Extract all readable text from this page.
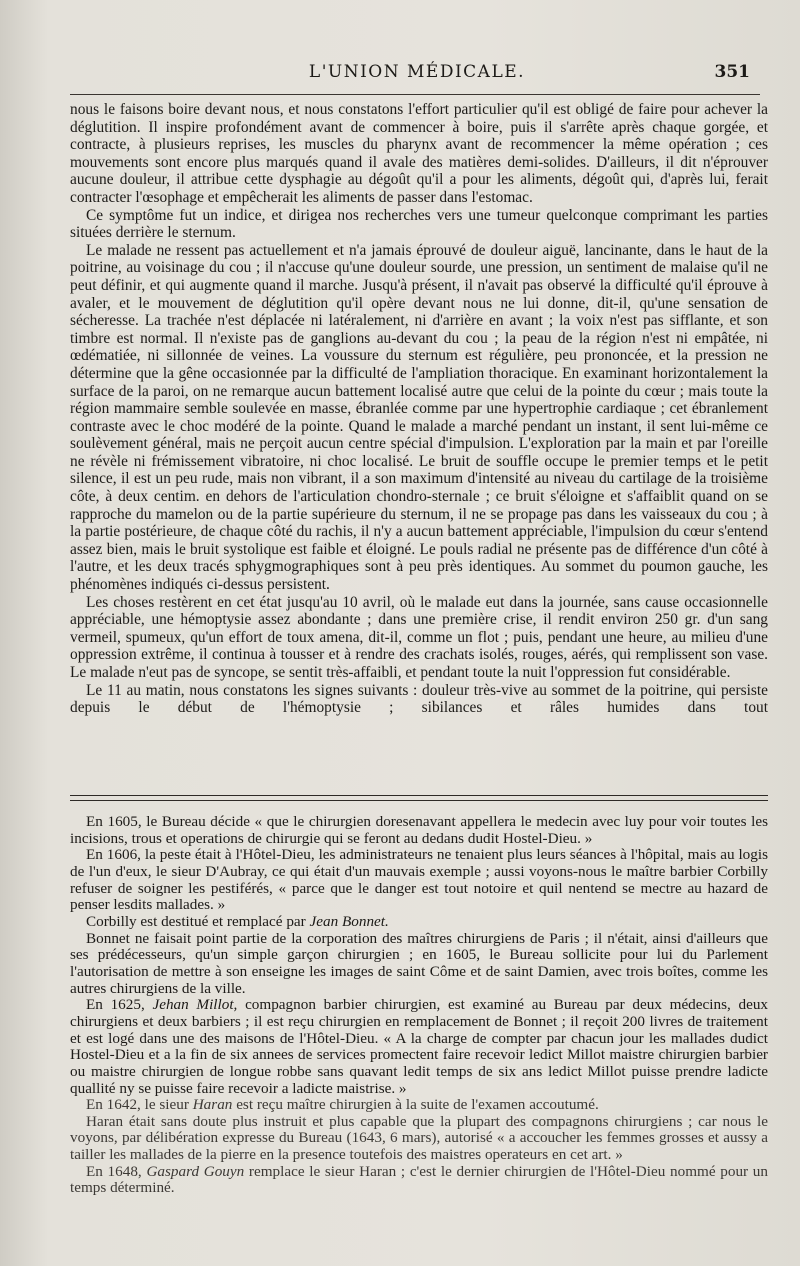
L'UNION MÉDICALE.	351

nous le faisons boire devant nous, et nous constatons l'effort particulier qu'il est obligé de faire pour achever la déglutition. Il inspire profondément avant de commencer à boire, puis il s'arrête après chaque gorgée, et contracte, à plusieurs reprises, les muscles du pharynx avant de recommencer la même opération ; ces mouvements sont encore plus marqués quand il avale des matières demi-solides. D'ailleurs, il dit n'éprouver aucune douleur, il attribue cette dysphagie au dégoût qu'il a pour les aliments, dégoût qui, d'après lui, ferait contracter l'œsophage et empêcherait les aliments de passer dans l'estomac.

Ce symptôme fut un indice, et dirigea nos recherches vers une tumeur quelconque comprimant les parties situées derrière le sternum.

Le malade ne ressent pas actuellement et n'a jamais éprouvé de douleur aiguë, lancinante, dans le haut de la poitrine, au voisinage du cou ; il n'accuse qu'une douleur sourde, une pression, un sentiment de malaise qu'il ne peut définir, et qui augmente quand il marche. Jusqu'à présent, il n'avait pas observé la difficulté qu'il éprouve à avaler, et le mouvement de déglutition qu'il opère devant nous ne lui donne, dit-il, qu'une sensation de sécheresse. La trachée n'est déplacée ni latéralement, ni d'arrière en avant ; la voix n'est pas sifflante, et son timbre est normal. Il n'existe pas de ganglions au-devant du cou ; la peau de la région n'est ni empâtée, ni œdématiée, ni sillonnée de veines. La voussure du sternum est régulière, peu prononcée, et la pression ne détermine que la gêne occasionnée par la difficulté de l'ampliation thoracique. En examinant horizontalement la surface de la paroi, on ne remarque aucun battement localisé autre que celui de la pointe du cœur ; mais toute la région mammaire semble soulevée en masse, ébranlée comme par une hypertrophie cardiaque ; cet ébranlement contraste avec le choc modéré de la pointe. Quand le malade a marché pendant un instant, il sent lui-même ce soulèvement général, mais ne perçoit aucun centre spécial d'impulsion. L'exploration par la main et par l'oreille ne révèle ni frémissement vibratoire, ni choc localisé. Le bruit de souffle occupe le premier temps et le petit silence, il est un peu rude, mais non vibrant, il a son maximum d'intensité au niveau du cartilage de la troisième côte, à deux centim. en dehors de l'articulation chondro-sternale ; ce bruit s'éloigne et s'affaiblit quand on se rapproche du mamelon ou de la partie supérieure du sternum, il ne se propage pas dans les vaisseaux du cou ; à la partie postérieure, de chaque côté du rachis, il n'y a aucun battement appréciable, l'impulsion du cœur s'entend assez bien, mais le bruit systolique est faible et éloigné. Le pouls radial ne présente pas de différence d'un côté à l'autre, et les deux tracés sphygmographiques sont à peu près identiques. Au sommet du poumon gauche, les phénomènes indiqués ci-dessus persistent.

Les choses restèrent en cet état jusqu'au 10 avril, où le malade eut dans la journée, sans cause occasionnelle appréciable, une hémoptysie assez abondante ; dans une première crise, il rendit environ 250 gr. d'un sang vermeil, spumeux, qu'un effort de toux amena, dit-il, comme un flot ; puis, pendant une heure, au milieu d'une oppression extrême, il continua à tousser et à rendre des crachats isolés, rouges, aérés, qui remplissent son vase. Le malade n'eut pas de syncope, se sentit très-affaibli, et pendant toute la nuit l'oppression fut considérable.

Le 11 au matin, nous constatons les signes suivants : douleur très-vive au sommet de la poitrine, qui persiste depuis le début de l'hémoptysie ; sibilances et râles humides dans tout

En 1605, le Bureau décide « que le chirurgien doresenavant appellera le medecin avec luy pour voir toutes les incisions, trous et operations de chirurgie qui se feront au dedans dudit Hostel-Dieu. »

En 1606, la peste était à l'Hôtel-Dieu, les administrateurs ne tenaient plus leurs séances à l'hôpital, mais au logis de l'un d'eux, le sieur D'Aubray, ce qui était d'un mauvais exemple ; aussi voyons-nous le maître barbier Corbilly refuser de soigner les pestiférés, « parce que le danger est tout notoire et quil nentend se mectre au hazard de penser lesdits mallades. »

Corbilly est destitué et remplacé par Jean Bonnet.

Bonnet ne faisait point partie de la corporation des maîtres chirurgiens de Paris ; il n'était, ainsi d'ailleurs que ses prédécesseurs, qu'un simple garçon chirurgien ; en 1605, le Bureau sollicite pour lui du Parlement l'autorisation de mettre à son enseigne les images de saint Côme et de saint Damien, avec trois boîtes, comme les autres chirurgiens de la ville.

En 1625, Jehan Millot, compagnon barbier chirurgien, est examiné au Bureau par deux médecins, deux chirurgiens et deux barbiers ; il est reçu chirurgien en remplacement de Bonnet ; il reçoit 200 livres de traitement et est logé dans une des maisons de l'Hôtel-Dieu. « A la charge de compter par chacun jour les mallades dudict Hostel-Dieu et a la fin de six annees de services promectent faire recevoir ledict Millot maistre chirurgien barbier ou maistre chirurgien de longue robbe sans quavant ledit temps de six ans ledict Millot puisse prendre ladicte quallité ny se puisse faire recevoir a ladicte maistrise. »

En 1642, le sieur Haran est reçu maître chirurgien à la suite de l'examen accoutumé.

Haran était sans doute plus instruit et plus capable que la plupart des compagnons chirurgiens ; car nous le voyons, par délibération expresse du Bureau (1643, 6 mars), autorisé « a accoucher les femmes grosses et aussy a tailler les mallades de la pierre en la presence toutefois des maistres operateurs en cet art. »

En 1648, Gaspard Gouyn remplace le sieur Haran ; c'est le dernier chirurgien de l'Hôtel-Dieu nommé pour un temps déterminé.
